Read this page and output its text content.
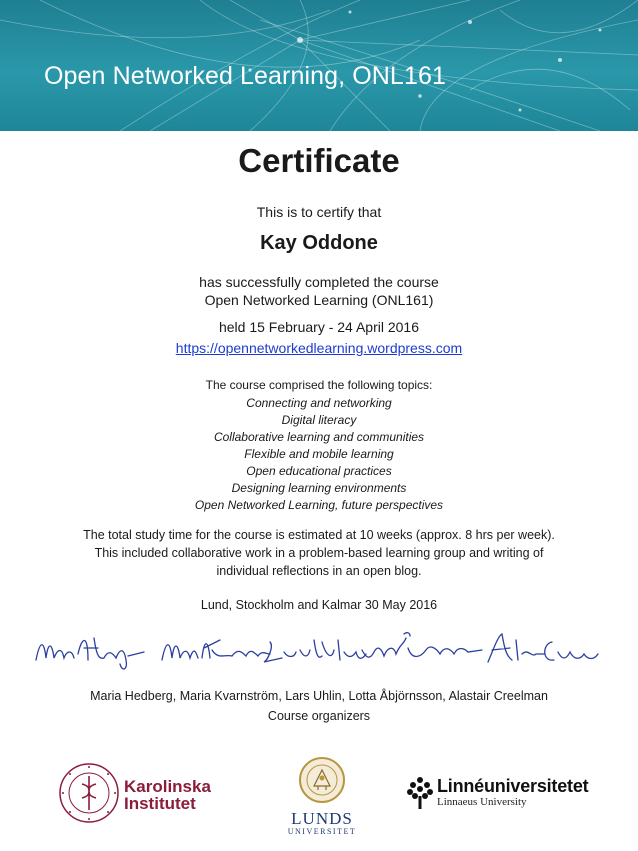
Open Networked Learning, ONL161
Certificate
This is to certify that
Kay Oddone
has successfully completed the course
Open Networked Learning (ONL161)
held 15 February - 24 April 2016
https://opennetworkedlearning.wordpress.com
The course comprised the following topics:
Connecting and networking
Digital literacy
Collaborative learning and communities
Flexible and mobile learning
Open educational practices
Designing learning environments
Open Networked Learning, future perspectives
The total study time for the course is estimated at 10 weeks (approx. 8 hrs per week).
This included collaborative work in a problem-based learning group and writing of
individual reflections in an open blog.
Lund, Stockholm and Kalmar 30 May 2016
Maria Hedberg, Maria Kvarnström, Lars Uhlin, Lotta Åbjörnsson, Alastair Creelman
Course organizers
Karolinska
Institutet
LUNDS
UNIVERSITET
Linnéuniversitetet
Linnaeus University
